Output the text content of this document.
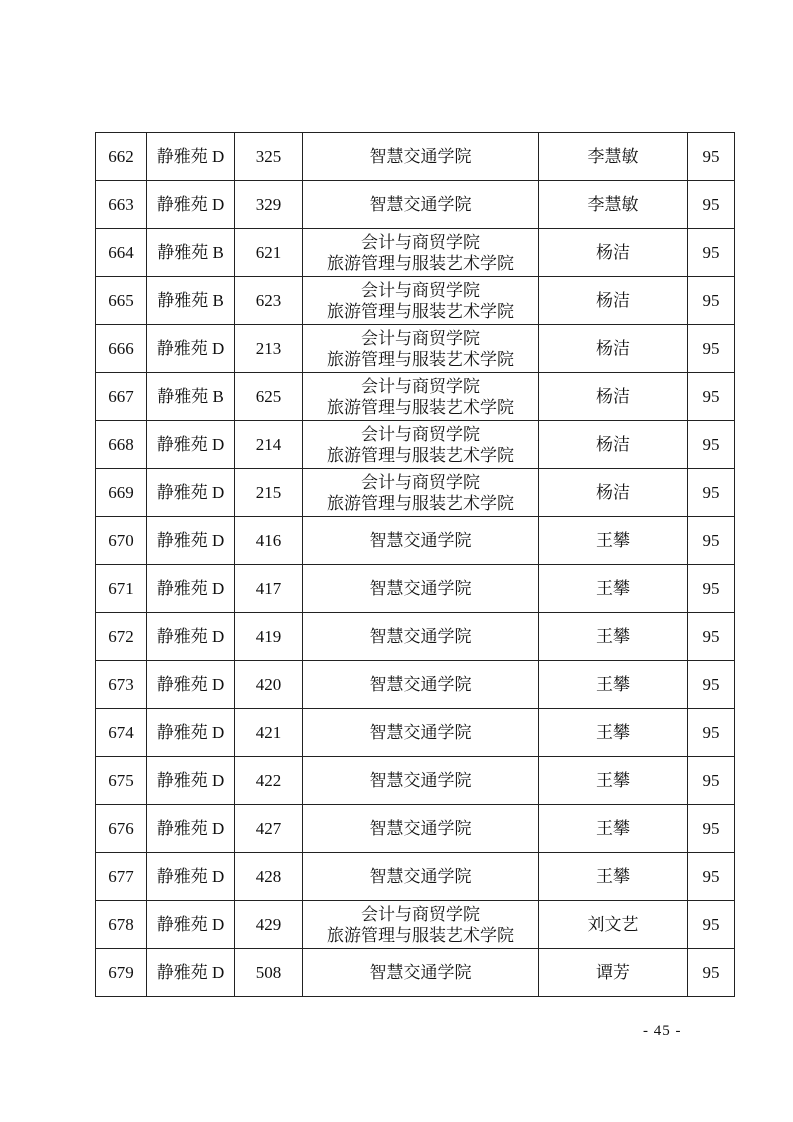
662	静雅苑 D	325	智慧交通学院	李慧敏	95
663	静雅苑 D	329	智慧交通学院	李慧敏	95
664	静雅苑 B	621	会计与商贸学院
旅游管理与服装艺术学院	杨洁	95
665	静雅苑 B	623	会计与商贸学院
旅游管理与服装艺术学院	杨洁	95
666	静雅苑 D	213	会计与商贸学院
旅游管理与服装艺术学院	杨洁	95
667	静雅苑 B	625	会计与商贸学院
旅游管理与服装艺术学院	杨洁	95
668	静雅苑 D	214	会计与商贸学院
旅游管理与服装艺术学院	杨洁	95
669	静雅苑 D	215	会计与商贸学院
旅游管理与服装艺术学院	杨洁	95
670	静雅苑 D	416	智慧交通学院	王攀	95
671	静雅苑 D	417	智慧交通学院	王攀	95
672	静雅苑 D	419	智慧交通学院	王攀	95
673	静雅苑 D	420	智慧交通学院	王攀	95
674	静雅苑 D	421	智慧交通学院	王攀	95
675	静雅苑 D	422	智慧交通学院	王攀	95
676	静雅苑 D	427	智慧交通学院	王攀	95
677	静雅苑 D	428	智慧交通学院	王攀	95
678	静雅苑 D	429	会计与商贸学院
旅游管理与服装艺术学院	刘文艺	95
679	静雅苑 D	508	智慧交通学院	谭芳	95
- 45 -
